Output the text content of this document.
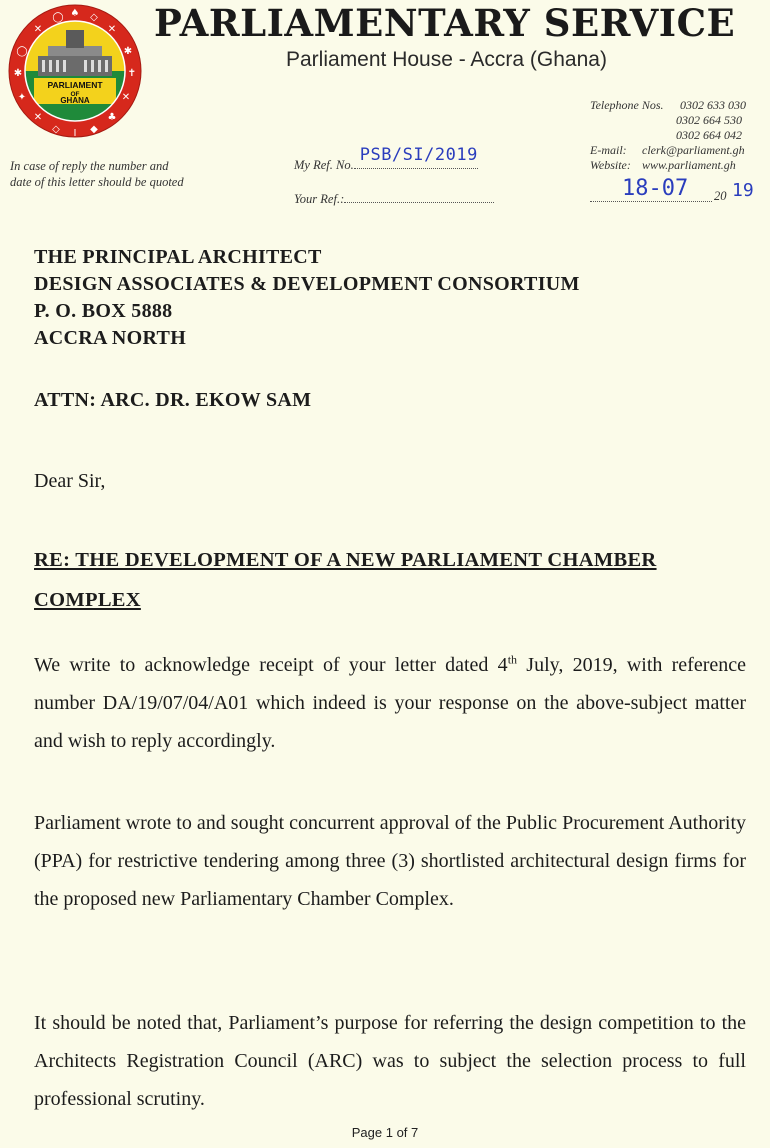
✕
◯ ♠ ◇
✕
✱
✝
✕
♣
◆
I
◇
✕
✦
✱
◯
PARLIAMENT
OF
GHANA
PARLIAMENTARY SERVICE
Parliament House - Accra (Ghana)
In case of reply the number and date of this letter should be quoted
My Ref. No. PSB/SI/2019
Your Ref.:
Telephone Nos.	0302 633 030
0302 664 530
0302 664 042
E-mail:	clerk@parliament.gh
Website: www.parliament.gh
18-07 20 19
THE PRINCIPAL ARCHITECT
DESIGN ASSOCIATES & DEVELOPMENT CONSORTIUM
P. O. BOX 5888
ACCRA NORTH
ATTN: ARC. DR. EKOW SAM
Dear Sir,
RE: THE DEVELOPMENT OF A NEW PARLIAMENT CHAMBER COMPLEX
We write to acknowledge receipt of your letter dated 4th July, 2019, with reference number DA/19/07/04/A01 which indeed is your response on the above-subject matter and wish to reply accordingly.
Parliament wrote to and sought concurrent approval of the Public Procurement Authority (PPA) for restrictive tendering among three (3) shortlisted architectural design firms for the proposed new Parliamentary Chamber Complex.
It should be noted that, Parliament’s purpose for referring the design competition to the Architects Registration Council (ARC) was to subject the selection process to full professional scrutiny.
Page 1 of 7
